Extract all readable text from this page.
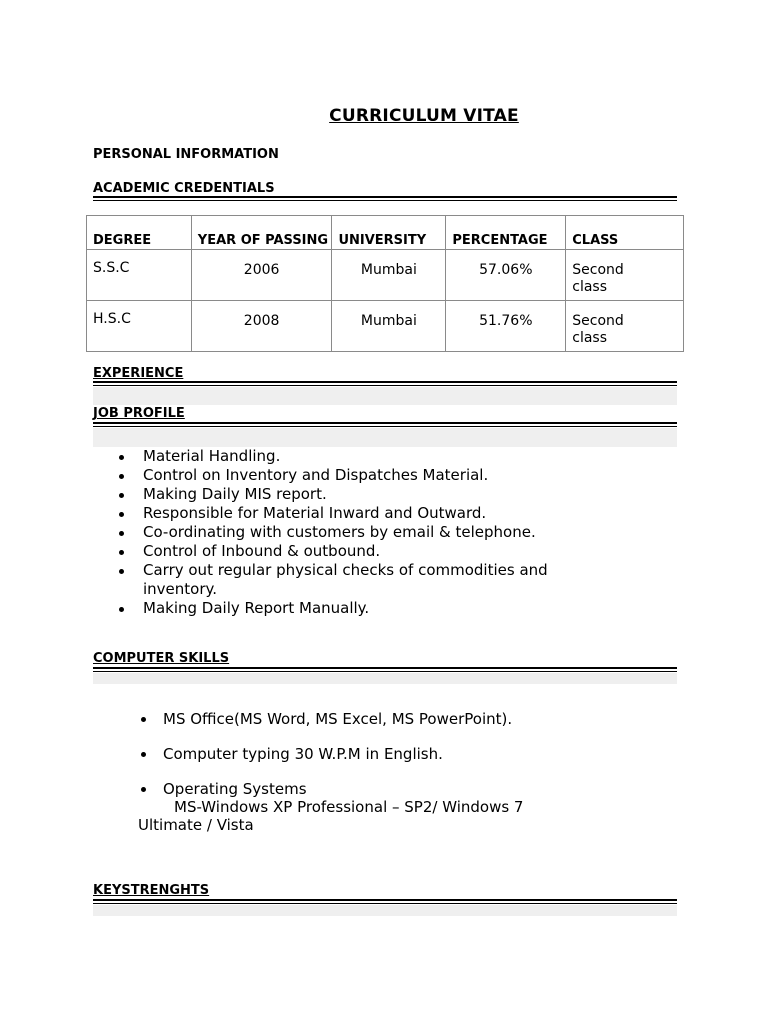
CURRICULUM VITAE
PERSONAL INFORMATION
ACADEMIC CREDENTIALS
DEGREE	YEAR OF PASSING	UNIVERSITY	PERCENTAGE	CLASS

S.S.C	2006	Mumbai	57.06%	Second
class

H.S.C	2008	Mumbai	51.76%	Second
class
EXPERIENCE
JOB PROFILE
Material Handling.
Control on Inventory and Dispatches Material.
Making Daily MIS report.
Responsible for Material Inward and Outward.
Co-ordinating with customers by email & telephone.
Control of Inbound & outbound.
Carry out regular physical checks of commodities and inventory.
Making Daily Report Manually.
COMPUTER SKILLS
MS Office(MS Word, MS Excel, MS PowerPoint).
Computer typing 30 W.P.M in English.
Operating Systems
MS-Windows XP Professional – SP2/ Windows 7
Ultimate / Vista
KEYSTRENGHTS
